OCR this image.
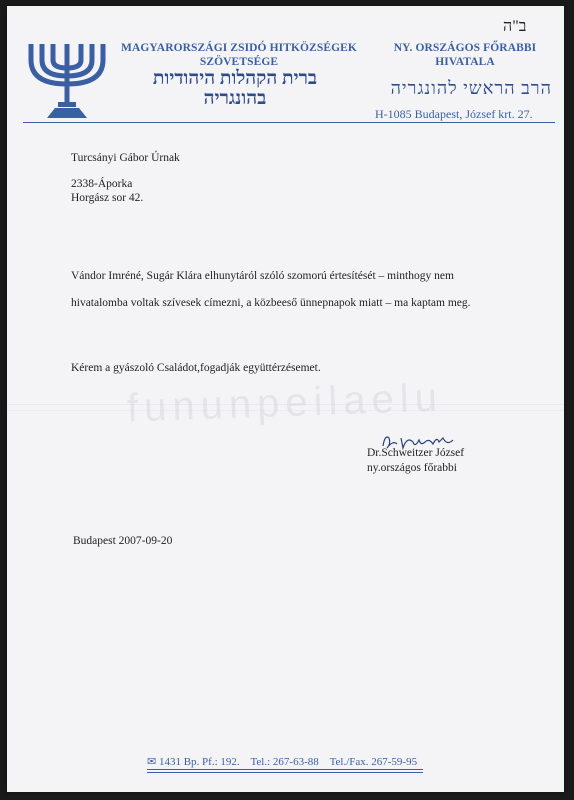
MAGYARORSZÁGI ZSIDÓ HITKÖZSÉGEK
SZÖVETSÉGE
ברית הקהלות היהודיות
בהונגריה
ב"ה
NY. ORSZÁGOS FŐRABBI
HIVATALA
הרב הראשי להונגריה
H-1085 Budapest, József krt. 27.
Turcsányi Gábor Úrnak
2338-Áporka
Horgász sor 42.
Vándor Imréné, Sugár Klára elhunytáról szóló szomorú értesítését – minthogy nem
hivatalomba voltak szívesek címezni, a közbeeső ünnepnapok miatt – ma kaptam meg.
Kérem a gyászoló Családot,fogadják együttérzésemet.
fununpeilaelu
Dr.Schweitzer József
ny.országos főrabbi
Budapest 2007-09-20
✉ 1431 Bp. Pf.: 192. Tel.: 267-63-88 Tel./Fax. 267-59-95
